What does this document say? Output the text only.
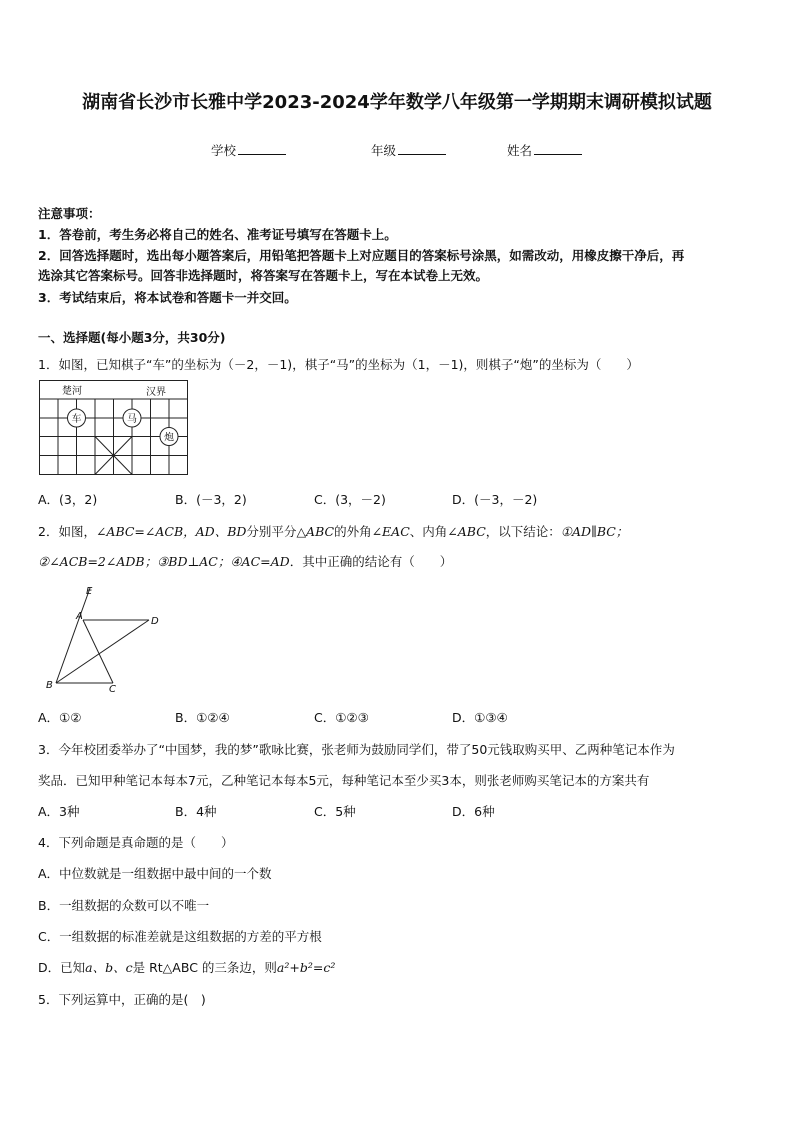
湖南省长沙市长雅中学2023-2024学年数学八年级第一学期期末调研模拟试题
学校	年级	姓名
注意事项：
1．答卷前，考生务必将自己的姓名、准考证号填写在答题卡上。
2．回答选择题时，选出每小题答案后，用铅笔把答题卡上对应题目的答案标号涂黑，如需改动，用橡皮擦干净后，再
选涂其它答案标号。回答非选择题时，将答案写在答题卡上，写在本试卷上无效。
3．考试结束后，将本试卷和答题卡一并交回。
一、选择题(每小题3分，共30分)
1．如图，已知棋子“车”的坐标为（－2，－1)，棋子“马”的坐标为（1，－1)，则棋子“炮”的坐标为（　　）
楚河	汉界
车	马
炮
A．(3，2)	B．(－3，2)	C．(3，－2)	D．(－3，－2)
2．如图，∠ABC=∠ACB，AD、BD分别平分△ABC的外角∠EAC、内角∠ABC，以下结论：①AD∥BC；
②∠ACB=2∠ADB；③BD⊥AC；④AC=AD．其中正确的结论有（　　）
E
A	D
B	C
A．①②	B．①②④	C．①②③	D．①③④
3．今年校团委举办了“中国梦，我的梦”歌咏比赛，张老师为鼓励同学们，带了50元钱取购买甲、乙两种笔记本作为
奖品．已知甲种笔记本每本7元，乙种笔记本每本5元，每种笔记本至少买3本，则张老师购买笔记本的方案共有
A．3种	B．4种	C．5种	D．6种
4．下列命题是真命题的是（　　）
A．中位数就是一组数据中最中间的一个数
B．一组数据的众数可以不唯一
C．一组数据的标准差就是这组数据的方差的平方根
D．已知a、b、c是 Rt△ABC 的三条边，则a²+b²=c²
5．下列运算中，正确的是(　)
